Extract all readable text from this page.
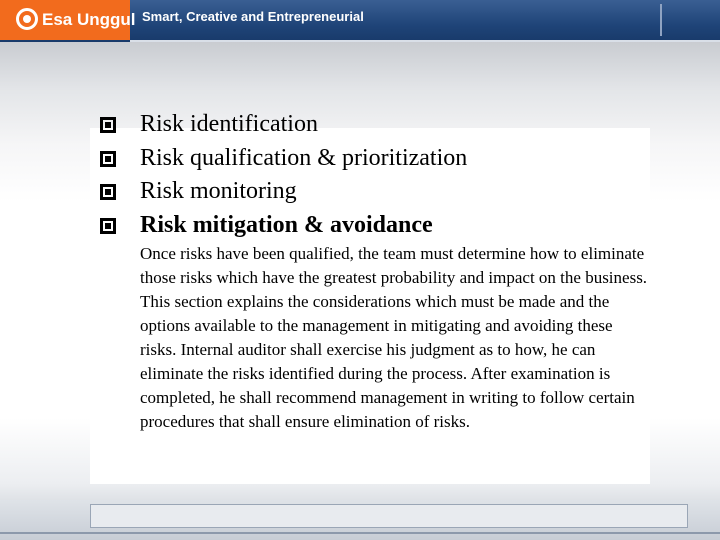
Esa Unggul Smart, Creative and Entrepreneurial
Risk identification
Risk qualification & prioritization
Risk monitoring
Risk mitigation & avoidance

Once risks have been qualified, the team must determine how to eliminate those risks which have the greatest probability and impact on the business. This section explains the considerations which must be made and the options available to the management in mitigating and avoiding these risks. Internal auditor shall exercise his judgment as to how, he can eliminate the risks identified during the process. After examination is completed, he shall recommend management in writing to follow certain procedures that shall ensure elimination of risks.
